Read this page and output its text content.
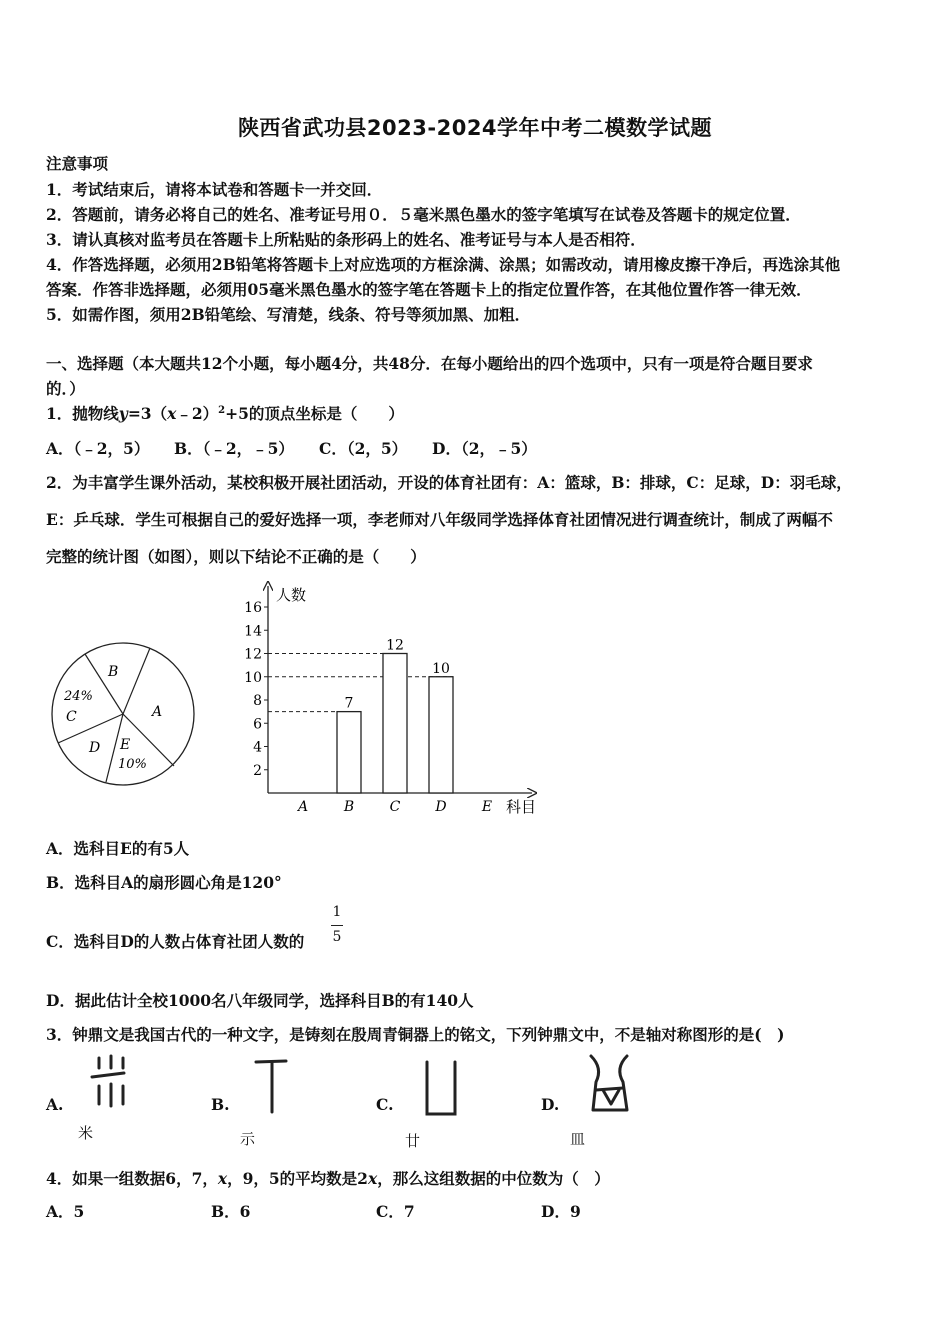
陕西省武功县2023-2024学年中考二模数学试题
注意事项
1．考试结束后，请将本试卷和答题卡一并交回．
2．答题前，请务必将自己的姓名、准考证号用０．５毫米黑色墨水的签字笔填写在试卷及答题卡的规定位置．
3．请认真核对监考员在答题卡上所粘贴的条形码上的姓名、准考证号与本人是否相符．
4．作答选择题，必须用2B铅笔将答题卡上对应选项的方框涂满、涂黑；如需改动，请用橡皮擦干净后，再选涂其他
答案．作答非选择题，必须用05毫米黑色墨水的签字笔在答题卡上的指定位置作答，在其他位置作答一律无效．
5．如需作图，须用2B铅笔绘、写清楚，线条、符号等须加黑、加粗．
一、选择题（本大题共12个小题，每小题4分，共48分．在每小题给出的四个选项中，只有一项是符合题目要求
的．）
1．抛物线y=3（x﹣2）$^2$+5的顶点坐标是（　　）
A．（﹣2，5） B．（﹣2，﹣5） C．（2，5） D．（2，﹣5）
2．为丰富学生课外活动，某校积极开展社团活动，开设的体育社团有：A：篮球，B：排球，C：足球，D：羽毛球，
E：乒乓球．学生可根据自己的爱好选择一项，李老师对八年级同学选择体育社团情况进行调查统计，制成了两幅不
完整的统计图（如图），则以下结论不正确的是（　　）
B
A
24%
C
D E
10%
人数
科目
2
4
6
8
10
12
14
16
A
7
B
12
C
10
D	E
A．选科目E的有5人
B．选科目A的扇形圆心角是120°
C．选科目D的人数占体育社团人数的
1
5
D．据此估计全校1000名八年级同学，选择科目B的有140人
3．钟鼎文是我国古代的一种文字，是铸刻在殷周青铜器上的铭文，下列钟鼎文中，不是轴对称图形的是(　)
A.
米
B.
示
C.
廿
D.
皿
4．如果一组数据6，7，x，9，5的平均数是2x，那么这组数据的中位数为（　）
A．5	B．6	C．7	D．9
